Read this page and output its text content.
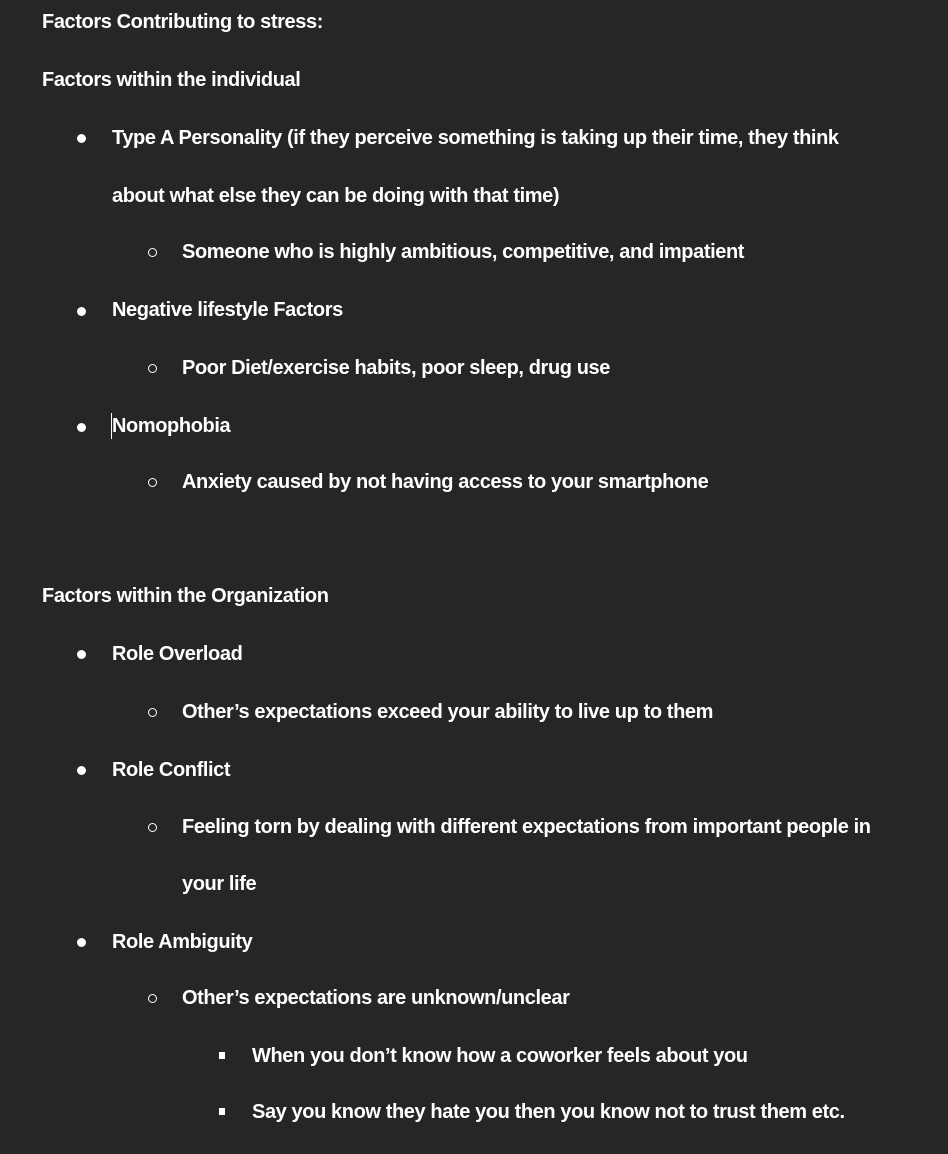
Factors Contributing to stress:
Factors within the individual
Type A Personality (if they perceive something is taking up their time, they think
about what else they can be doing with that time)
Someone who is highly ambitious, competitive, and impatient
Negative lifestyle Factors
Poor Diet/exercise habits, poor sleep, drug use
Nomophobia
Anxiety caused by not having access to your smartphone
Factors within the Organization
Role Overload
Other’s expectations exceed your ability to live up to them
Role Conflict
Feeling torn by dealing with different expectations from important people in
your life
Role Ambiguity
Other’s expectations are unknown/unclear
When you don’t know how a coworker feels about you
Say you know they hate you then you know not to trust them etc.
